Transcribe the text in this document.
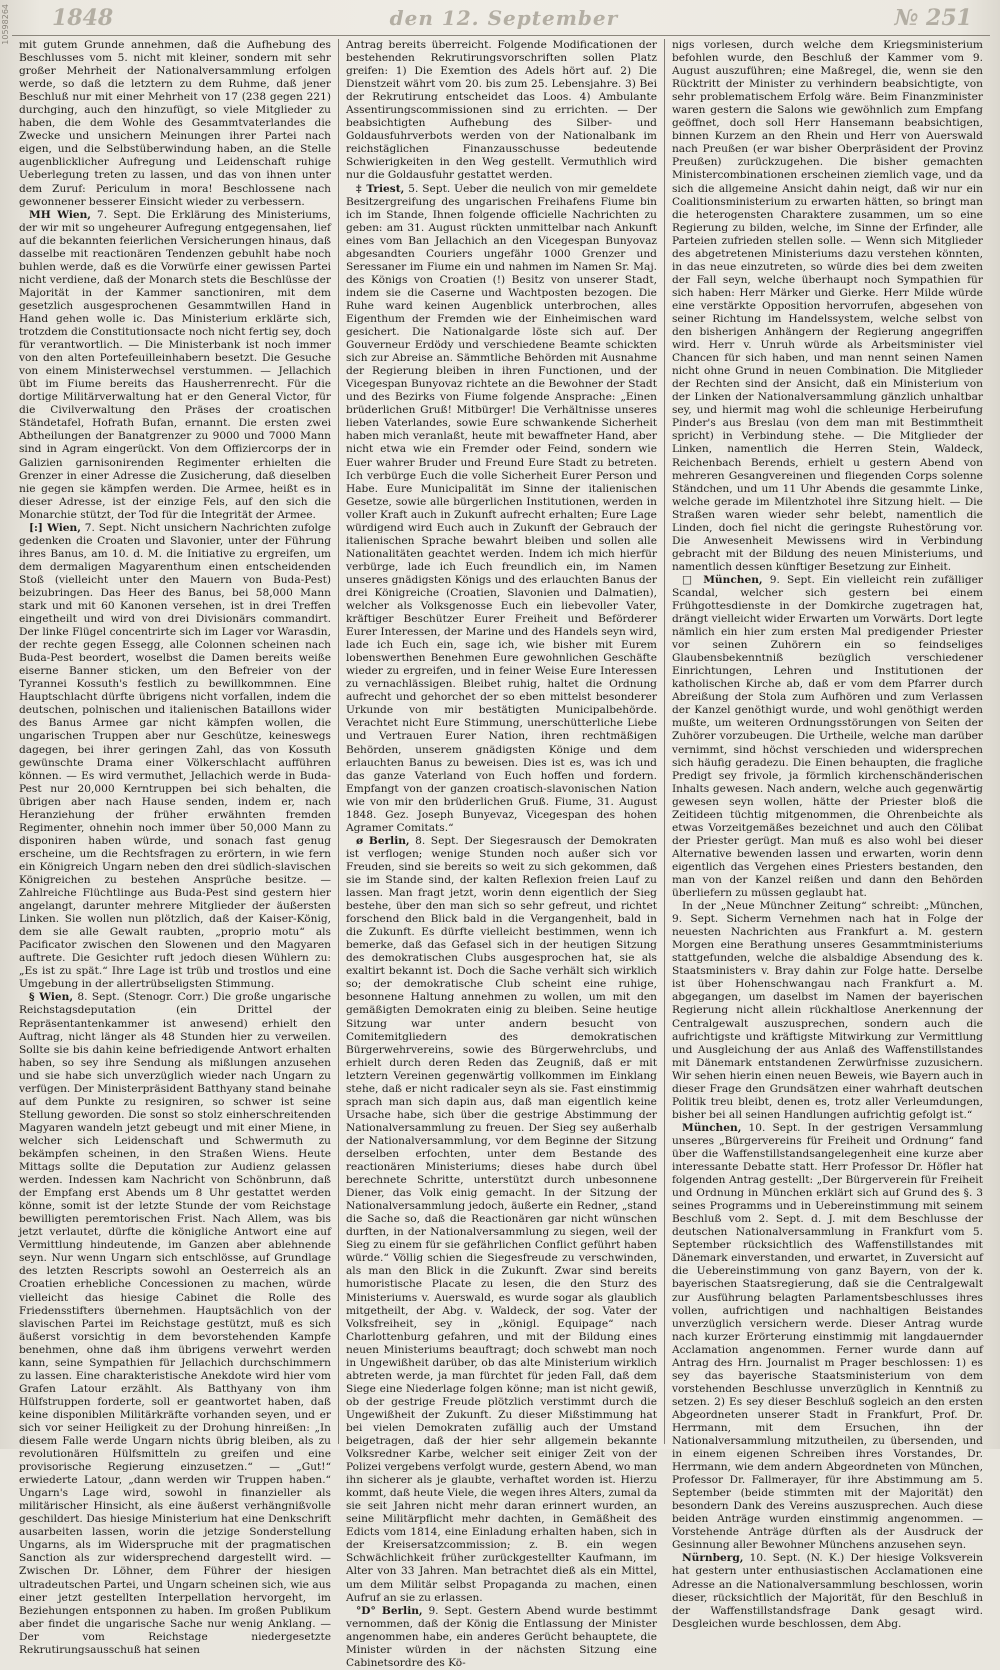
10598264 1848	den 12. September	№ 251

mit gutem Grunde annehmen, daß die Aufhebung des Beschlusses vom 5. nicht mit kleiner, sondern mit sehr großer Mehrheit der Nationalversammlung erfolgen werde, so daß die letztern zu dem Ruhme, daß jener Beschluß nur mit einer Mehrheit von 17 (238 gegen 221) durchging, auch den hinzufügt, so viele Mitglieder zu haben, die dem Wohle des Gesammtvaterlandes die Zwecke und unsichern Meinungen ihrer Partei nach eigen, und die Selbstüberwindung haben, an die Stelle augenblicklicher Aufregung und Leidenschaft ruhige Ueberlegung treten zu lassen, und das von ihnen unter dem Zuruf: Periculum in mora! Beschlossene nach gewonnener besserer Einsicht wieder zu verbessern.

MH Wien, 7. Sept. Die Erklärung des Ministeriums, der wir mit so ungeheurer Aufregung entgegensahen, lief auf die bekannten feierlichen Versicherungen hinaus, daß dasselbe mit reactionären Tendenzen gebuhlt habe noch buhlen werde, daß es die Vorwürfe einer gewissen Partei nicht verdiene, daß der Monarch stets die Beschlüsse der Majorität in der Kammer sanctioniren, mit dem gesetzlich ausgesprochenen Gesammtwillen Hand in Hand gehen wolle ic. Das Ministerium erklärte sich, trotzdem die Constitutionsacte noch nicht fertig sey, doch für verantwortlich. — Die Ministerbank ist noch immer von den alten Portefeuilleinhabern besetzt. Die Gesuche von einem Ministerwechsel verstummen. — Jellachich übt im Fiume bereits das Hausherrenrecht. Für die dortige Militärverwaltung hat er den General Victor, für die Civilverwaltung den Präses der croatischen Ständetafel, Hofrath Bufan, ernannt. Die ersten zwei Abtheilungen der Banatgrenzer zu 9000 und 7000 Mann sind in Agram eingerückt. Von dem Offiziercorps der in Galizien garnisonirenden Regimenter erhielten die Grenzer in einer Adresse die Zusicherung, daß dieselben nie gegen sie kämpfen werden. Die Armee, heißt es in dieser Adresse, ist der einzige Fels, auf den sich die Monarchie stützt, der Tod für die Integrität der Armee.

[:] Wien, 7. Sept. Nicht unsichern Nachrichten zufolge gedenken die Croaten und Slavonier, unter der Führung ihres Banus, am 10. d. M. die Initiative zu ergreifen, um dem dermaligen Magyarenthum einen entscheidenden Stoß (vielleicht unter den Mauern von Buda-Pest) beizubringen. Das Heer des Banus, bei 58,000 Mann stark und mit 60 Kanonen versehen, ist in drei Treffen eingetheilt und wird von drei Divisionärs commandirt. Der linke Flügel concentrirte sich im Lager vor Warasdin, der rechte gegen Essegg, alle Colonnen scheinen nach Buda-Pest beordert, woselbst die Damen bereits weiße eiserne Banner sticken, um den Befreier von der Tyrannei Kossuth's festlich zu bewillkommnen. Eine Hauptschlacht dürfte übrigens nicht vorfallen, indem die deutschen, polnischen und italienischen Bataillons wider des Banus Armee gar nicht kämpfen wollen, die ungarischen Truppen aber nur Geschütze, keineswegs dagegen, bei ihrer geringen Zahl, das von Kossuth gewünschte Drama einer Völkerschlacht aufführen können. — Es wird vermuthet, Jellachich werde in Buda-Pest nur 20,000 Kerntruppen bei sich behalten, die übrigen aber nach Hause senden, indem er, nach Heranziehung der früher erwähnten fremden Regimenter, ohnehin noch immer über 50,000 Mann zu disponiren haben würde, und sonach fast genug erscheine, um die Rechtsfragen zu erörtern, in wie fern ein Königreich Ungarn neben den drei südlich-slavischen Königreichen zu bestehen Ansprüche besitze. — Zahlreiche Flüchtlinge aus Buda-Pest sind gestern hier angelangt, darunter mehrere Mitglieder der äußersten Linken. Sie wollen nun plötzlich, daß der Kaiser-König, dem sie alle Gewalt raubten, „proprio motu“ als Pacificator zwischen den Slowenen und den Magyaren auftrete. Die Gesichter ruft jedoch diesen Wühlern zu: „Es ist zu spät.“ Ihre Lage ist trüb und trostlos und eine Umgebung in der allertrübseligsten Stimmung.

§ Wien, 8. Sept. (Stenogr. Corr.) Die große ungarische Reichstagsdeputation (ein Drittel der Repräsentantenkammer ist anwesend) erhielt den Auftrag, nicht länger als 48 Stunden hier zu verweilen. Sollte sie bis dahin keine befriedigende Antwort erhalten haben, so sey ihre Sendung als mißlungen anzusehen und sie habe sich unverzüglich wieder nach Ungarn zu verfügen. Der Ministerpräsident Batthyany stand beinahe auf dem Punkte zu resigniren, so schwer ist seine Stellung geworden. Die sonst so stolz einherschreitenden Magyaren wandeln jetzt gebeugt und mit einer Miene, in welcher sich Leidenschaft und Schwermuth zu bekämpfen scheinen, in den Straßen Wiens. Heute Mittags sollte die Deputation zur Audienz gelassen werden. Indessen kam Nachricht von Schönbrunn, daß der Empfang erst Abends um 8 Uhr gestattet werden könne, somit ist der letzte Stunde der vom Reichstage bewilligten peremtorischen Frist. Nach Allem, was bis jetzt verlautet, dürfte die königliche Antwort eine auf Vermittlung hindeutende, im Ganzen aber ablehnende seyn. Nur wenn Ungarn sich entschlösse, auf Grundlage des letzten Rescripts sowohl an Oesterreich als an Croatien erhebliche Concessionen zu machen, würde vielleicht das hiesige Cabinet die Rolle des Friedensstifters übernehmen. Hauptsächlich von der slavischen Partei im Reichstage gestützt, muß es sich äußerst vorsichtig in dem bevorstehenden Kampfe benehmen, ohne daß ihm übrigens verwehrt werden kann, seine Sympathien für Jellachich durchschimmern zu lassen. Eine charakteristische Anekdote wird hier vom Grafen Latour erzählt. Als Batthyany von ihm Hülfstruppen forderte, soll er geantwortet haben, daß keine disponiblen Militärkräfte vorhanden seyen, und er sich vor seiner Heiligkeit zu der Drohung hinreißen: „In diesem Falle werde Ungarn nichts übrig bleiben, als zu revolutionären Hülfsmitteln zu greifen und eine provisorische Regierung einzusetzen.“ — „Gut!“ erwiederte Latour, „dann werden wir Truppen haben.“ Ungarn's Lage wird, sowohl in finanzieller als militärischer Hinsicht, als eine äußerst verhängnißvolle geschildert. Das hiesige Ministerium hat eine Denkschrift ausarbeiten lassen, worin die jetzige Sonderstellung Ungarns, als im Widerspruche mit der pragmatischen Sanction als zur widersprechend dargestellt wird. — Zwischen Dr. Löhner, dem Führer der hiesigen ultradeutschen Partei, und Ungarn scheinen sich, wie aus einer jetzt gestellten Interpellation hervorgeht, im Beziehungen entsponnen zu haben. Im großen Publikum aber findet die ungarische Sache nur wenig Anklang. — Der vom Reichstage niedergesetzte Rekrutirungsausschuß hat seinen

Antrag bereits überreicht. Folgende Modificationen der bestehenden Rekrutirungsvorschriften sollen Platz greifen: 1) Die Exemtion des Adels hört auf. 2) Die Dienstzeit währt vom 20. bis zum 25. Lebensjahre. 3) Bei der Rekrutirung entscheidet das Loos. 4) Ambulante Assentirungscommissionen sind zu errichten. — Der beabsichtigten Aufhebung des Silber- und Goldausfuhrverbots werden von der Nationalbank im reichstäglichen Finanzausschusse bedeutende Schwierigkeiten in den Weg gestellt. Vermuthlich wird nur die Goldausfuhr gestattet werden.

‡ Triest, 5. Sept. Ueber die neulich von mir gemeldete Besitzergreifung des ungarischen Freihafens Fiume bin ich im Stande, Ihnen folgende officielle Nachrichten zu geben: am 31. August rückten unmittelbar nach Ankunft eines vom Ban Jellachich an den Vicegespan Bunyovaz abgesandten Couriers ungefähr 1000 Grenzer und Seressaner im Fiume ein und nahmen im Namen Sr. Maj. des Königs von Croatien (!) Besitz von unserer Stadt, indem sie die Caserne und Wachtposten bezogen. Die Ruhe ward keinen Augenblick unterbrochen, alles Eigenthum der Fremden wie der Einheimischen ward gesichert. Die Nationalgarde löste sich auf. Der Gouverneur Erdödy und verschiedene Beamte schickten sich zur Abreise an. Sämmtliche Behörden mit Ausnahme der Regierung bleiben in ihren Functionen, und der Vicegespan Bunyovaz richtete an die Bewohner der Stadt und des Bezirks von Fiume folgende Ansprache: „Einen brüderlichen Gruß! Mitbürger! Die Verhältnisse unseres lieben Vaterlandes, sowie Eure schwankende Sicherheit haben mich veranlaßt, heute mit bewaffneter Hand, aber nicht etwa wie ein Fremder oder Feind, sondern wie Euer wahrer Bruder und Freund Eure Stadt zu betreten. Ich verbürge Euch die volle Sicherheit Eurer Person und Habe. Eure Municipalität im Sinne der italienischen Gesetze, sowie alle bürgerlichen Institutionen, werden in voller Kraft auch in Zukunft aufrecht erhalten; Eure Lage würdigend wird Euch auch in Zukunft der Gebrauch der italienischen Sprache bewahrt bleiben und sollen alle Nationalitäten geachtet werden. Indem ich mich hierfür verbürge, lade ich Euch freundlich ein, im Namen unseres gnädigsten Königs und des erlauchten Banus der drei Königreiche (Croatien, Slavonien und Dalmatien), welcher als Volksgenosse Euch ein liebevoller Vater, kräftiger Beschützer Eurer Freiheit und Beförderer Eurer Interessen, der Marine und des Handels seyn wird, lade ich Euch ein, sage ich, wie bisher mit Eurem lobenswerthen Benehmen Eure gewohnlichen Geschäfte wieder zu ergreifen, und in feiner Weise Eure Interessen zu vernachlässigen. Bleibet ruhig, haltet die Ordnung aufrecht und gehorchet der so eben mittelst besonderer Urkunde von mir bestätigten Municipalbehörde. Verachtet nicht Eure Stimmung, unerschütterliche Liebe und Vertrauen Eurer Nation, ihren rechtmäßigen Behörden, unserem gnädigsten Könige und dem erlauchten Banus zu beweisen. Dies ist es, was ich und das ganze Vaterland von Euch hoffen und fordern. Empfangt von der ganzen croatisch-slavonischen Nation wie von mir den brüderlichen Gruß. Fiume, 31. August 1848. Gez. Joseph Bunyevaz, Vicegespan des hohen Agramer Comitats.“

ø Berlin, 8. Sept. Der Siegesrausch der Demokraten ist verflogen; wenige Stunden noch außer sich vor Freuden, sind sie bereits so weit zu sich gekommen, daß sie im Stande sind, der kalten Reflexion freien Lauf zu lassen. Man fragt jetzt, worin denn eigentlich der Sieg bestehe, über den man sich so sehr gefreut, und richtet forschend den Blick bald in die Vergangenheit, bald in die Zukunft. Es dürfte vielleicht bestimmen, wenn ich bemerke, daß das Gefasel sich in der heutigen Sitzung des demokratischen Clubs ausgesprochen hat, sie als exaltirt bekannt ist. Doch die Sache verhält sich wirklich so; der demokratische Club scheint eine ruhige, besonnene Haltung annehmen zu wollen, um mit den gemäßigten Demokraten einig zu bleiben. Seine heutige Sitzung war unter andern besucht von Comitemitgliedern des demokratischen Bürgerwehrvereins, sowie des Bürgerwehrclubs, und erhielt durch deren Reden das Zeugniß, daß er mit letztern Vereinen gegenwärtig vollkommen im Einklang stehe, daß er nicht radicaler seyn als sie. Fast einstimmig sprach man sich dapin aus, daß man eigentlich keine Ursache habe, sich über die gestrige Abstimmung der Nationalversammlung zu freuen. Der Sieg sey außerhalb der Nationalversammlung, vor dem Beginne der Sitzung derselben erfochten, unter dem Bestande des reactionären Ministeriums; dieses habe durch übel berechnete Schritte, unterstützt durch unbesonnene Diener, das Volk einig gemacht. In der Sitzung der Nationalversammlung jedoch, äußerte ein Redner, „stand die Sache so, daß die Reactionären gar nicht wünschen durften, in der Nationalversammlung zu siegen, weil der Sieg zu einem für sie gefährlichen Conflict geführt haben würde.“ Völlig schien die Siegesfreude zu verschwinden, als man den Blick in die Zukunft. Zwar sind bereits humoristische Placate zu lesen, die den Sturz des Ministeriums v. Auerswald, es wurde sogar als glaublich mitgetheilt, der Abg. v. Waldeck, der sog. Vater der Volksfreiheit, sey in „königl. Equipage“ nach Charlottenburg gefahren, und mit der Bildung eines neuen Ministeriums beauftragt; doch schwebt man noch in Ungewißheit darüber, ob das alte Ministerium wirklich abtreten werde, ja man fürchtet für jeden Fall, daß dem Siege eine Niederlage folgen könne; man ist nicht gewiß, ob der gestrige Freude plötzlich verstimmt durch die Ungewißheit der Zukunft. Zu dieser Mißstimmung hat bei vielen Demokraten zufällig auch der Umstand beigetragen, daß der hier sehr allgemein bekannte Volksredner Karbe, welcher seit einiger Zeit von der Polizei vergebens verfolgt wurde, gestern Abend, wo man ihn sicherer als je glaubte, verhaftet worden ist. Hierzu kommt, daß heute Viele, die wegen ihres Alters, zumal da sie seit Jahren nicht mehr daran erinnert wurden, an seine Militärpflicht mehr dachten, in Gemäßheit des Edicts vom 1814, eine Einladung erhalten haben, sich in der Kreisersatzcommission; z. B. ein wegen Schwächlichkeit früher zurückgestellter Kaufmann, im Alter von 33 Jahren. Man betrachtet dieß als ein Mittel, um dem Militär selbst Propaganda zu machen, einen Aufruf an sie zu erlassen.

°D° Berlin, 9. Sept. Gestern Abend wurde bestimmt vernommen, daß der König die Entlassung der Minister angenommen habe, ein anderes Gerücht behauptete, die Minister würden in der nächsten Sitzung eine Cabinetsordre des Kö-

nigs vorlesen, durch welche dem Kriegsministerium befohlen wurde, den Beschluß der Kammer vom 9. August auszuführen; eine Maßregel, die, wenn sie den Rücktritt der Minister zu verhindern beabsichtigte, von sehr problematischem Erfolg wäre. Beim Finanzminister waren gestern die Salons wie gewöhnlich zum Empfang geöffnet, doch soll Herr Hansemann beabsichtigen, binnen Kurzem an den Rhein und Herr von Auerswald nach Preußen (er war bisher Oberpräsident der Provinz Preußen) zurückzugehen. Die bisher gemachten Ministercombinationen erscheinen ziemlich vage, und da sich die allgemeine Ansicht dahin neigt, daß wir nur ein Coalitionsministerium zu erwarten hätten, so bringt man die heterogensten Charaktere zusammen, um so eine Regierung zu bilden, welche, im Sinne der Erfinder, alle Parteien zufrieden stellen solle. — Wenn sich Mitglieder des abgetretenen Ministeriums dazu verstehen könnten, in das neue einzutreten, so würde dies bei dem zweiten der Fall seyn, welche überhaupt noch Sympathien für sich haben: Herr Märker und Gierke. Herr Milde würde eine verstärkte Opposition hervorrufen, abgesehen von seiner Richtung im Handelssystem, welche selbst von den bisherigen Anhängern der Regierung angegriffen wird. Herr v. Unruh würde als Arbeitsminister viel Chancen für sich haben, und man nennt seinen Namen nicht ohne Grund in neuen Combination. Die Mitglieder der Rechten sind der Ansicht, daß ein Ministerium von der Linken der Nationalversammlung gänzlich unhaltbar sey, und hiermit mag wohl die schleunige Herbeirufung Pinder's aus Breslau (von dem man mit Bestimmtheit spricht) in Verbindung stehe. — Die Mitglieder der Linken, namentlich die Herren Stein, Waldeck, Reichenbach Berends, erhielt u gestern Abend von mehreren Gesangvereinen und fliegenden Corps solenne Ständchen, und um 11 Uhr Abends die gesammte Linke, welche gerade im Milentzhotel ihre Sitzung hielt. — Die Straßen waren wieder sehr belebt, namentlich die Linden, doch fiel nicht die geringste Ruhestörung vor. Die Anwesenheit Mewissens wird in Verbindung gebracht mit der Bildung des neuen Ministeriums, und namentlich dessen künftiger Besetzung zur Einheit.

□ München, 9. Sept. Ein vielleicht rein zufälliger Scandal, welcher sich gestern bei einem Frühgottesdienste in der Domkirche zugetragen hat, drängt vielleicht wider Erwarten um Vorwärts. Dort legte nämlich ein hier zum ersten Mal predigender Priester vor seinen Zuhörern ein so feindseliges Glaubensbekenntniß bezüglich verschiedener Einrichtungen, Lehren und Institutionen der katholischen Kirche ab, daß er vom dem Pfarrer durch Abreißung der Stola zum Aufhören und zum Verlassen der Kanzel genöthigt wurde, und wohl genöthigt werden mußte, um weiteren Ordnungsstörungen von Seiten der Zuhörer vorzubeugen. Die Urtheile, welche man darüber vernimmt, sind höchst verschieden und widersprechen sich häufig geradezu. Die Einen behaupten, die fragliche Predigt sey frivole, ja förmlich kirchenschänderischen Inhalts gewesen. Nach andern, welche auch gegenwärtig gewesen seyn wollen, hätte der Priester bloß die Zeitideen tüchtig mitgenommen, die Ohrenbeichte als etwas Vorzeitgemäßes bezeichnet und auch den Cölibat der Priester gerügt. Man muß es also wohl bei dieser Alternative bewenden lassen und erwarten, worin denn eigentlich das Vergehen eines Priesters bestanden, den man von der Kanzel reißen und dann den Behörden überliefern zu müssen geglaubt hat.

In der „Neue Münchner Zeitung“ schreibt: „München, 9. Sept. Sicherm Vernehmen nach hat in Folge der neuesten Nachrichten aus Frankfurt a. M. gestern Morgen eine Berathung unseres Gesammtministeriums stattgefunden, welche die alsbaldige Absendung des k. Staatsministers v. Bray dahin zur Folge hatte. Derselbe ist über Hohenschwangau nach Frankfurt a. M. abgegangen, um daselbst im Namen der bayerischen Regierung nicht allein rückhaltlose Anerkennung der Centralgewalt auszusprechen, sondern auch die aufrichtigste und kräftigste Mitwirkung zur Vermittlung und Ausgleichung der aus Anlaß des Waffenstillstandes mit Dänemark entstandenen Zerwürfnisse zuzusichern. Wir sehen hierin einen neuen Beweis, wie Bayern auch in dieser Frage den Grundsätzen einer wahrhaft deutschen Politik treu bleibt, denen es, trotz aller Verleumdungen, bisher bei all seinen Handlungen aufrichtig gefolgt ist.“

München, 10. Sept. In der gestrigen Versammlung unseres „Bürgervereins für Freiheit und Ordnung“ fand über die Waffenstillstandsangelegenheit eine kurze aber interessante Debatte statt. Herr Professor Dr. Höfler hat folgenden Antrag gestellt: „Der Bürgerverein für Freiheit und Ordnung in München erklärt sich auf Grund des §. 3 seines Programms und in Uebereinstimmung mit seinem Beschluß vom 2. Sept. d. J. mit dem Beschlusse der deutschen Nationalversammlung in Frankfurt vom 5. September rücksichtlich des Waffenstillstandes mit Dänemark einverstanden, und erwartet, in Zuversicht auf die Uebereinstimmung von ganz Bayern, von der k. bayerischen Staatsregierung, daß sie die Centralgewalt zur Ausführung belagten Parlamentsbeschlusses ihres vollen, aufrichtigen und nachhaltigen Beistandes unverzüglich versichern werde. Dieser Antrag wurde nach kurzer Erörterung einstimmig mit langdauernder Acclamation angenommen. Ferner wurde dann auf Antrag des Hrn. Journalist m Prager beschlossen: 1) es sey das bayerische Staatsministerium von dem vorstehenden Beschlusse unverzüglich in Kenntniß zu setzen. 2) Es sey dieser Beschluß sogleich an den ersten Abgeordneten unserer Stadt in Frankfurt, Prof. Dr. Herrmann, mit dem Ersuchen, ihn der Nationalversammlung mitzutheilen, zu übersenden, und in einem eigenen Schreiben ihres Vorstandes, Dr. Herrmann, wie dem andern Abgeordneten von München, Professor Dr. Fallmerayer, für ihre Abstimmung am 5. September (beide stimmten mit der Majorität) den besondern Dank des Vereins auszusprechen. Auch diese beiden Anträge wurden einstimmig angenommen. — Vorstehende Anträge dürften als der Ausdruck der Gesinnung aller Bewohner Münchens anzusehen seyn.

Nürnberg, 10. Sept. (N. K.) Der hiesige Volksverein hat gestern unter enthusiastischen Acclamationen eine Adresse an die Nationalversammlung beschlossen, worin dieser, rücksichtlich der Majorität, für den Beschluß in der Waffenstillstandsfrage Dank gesagt wird. Desgleichen wurde beschlossen, dem Abg.
